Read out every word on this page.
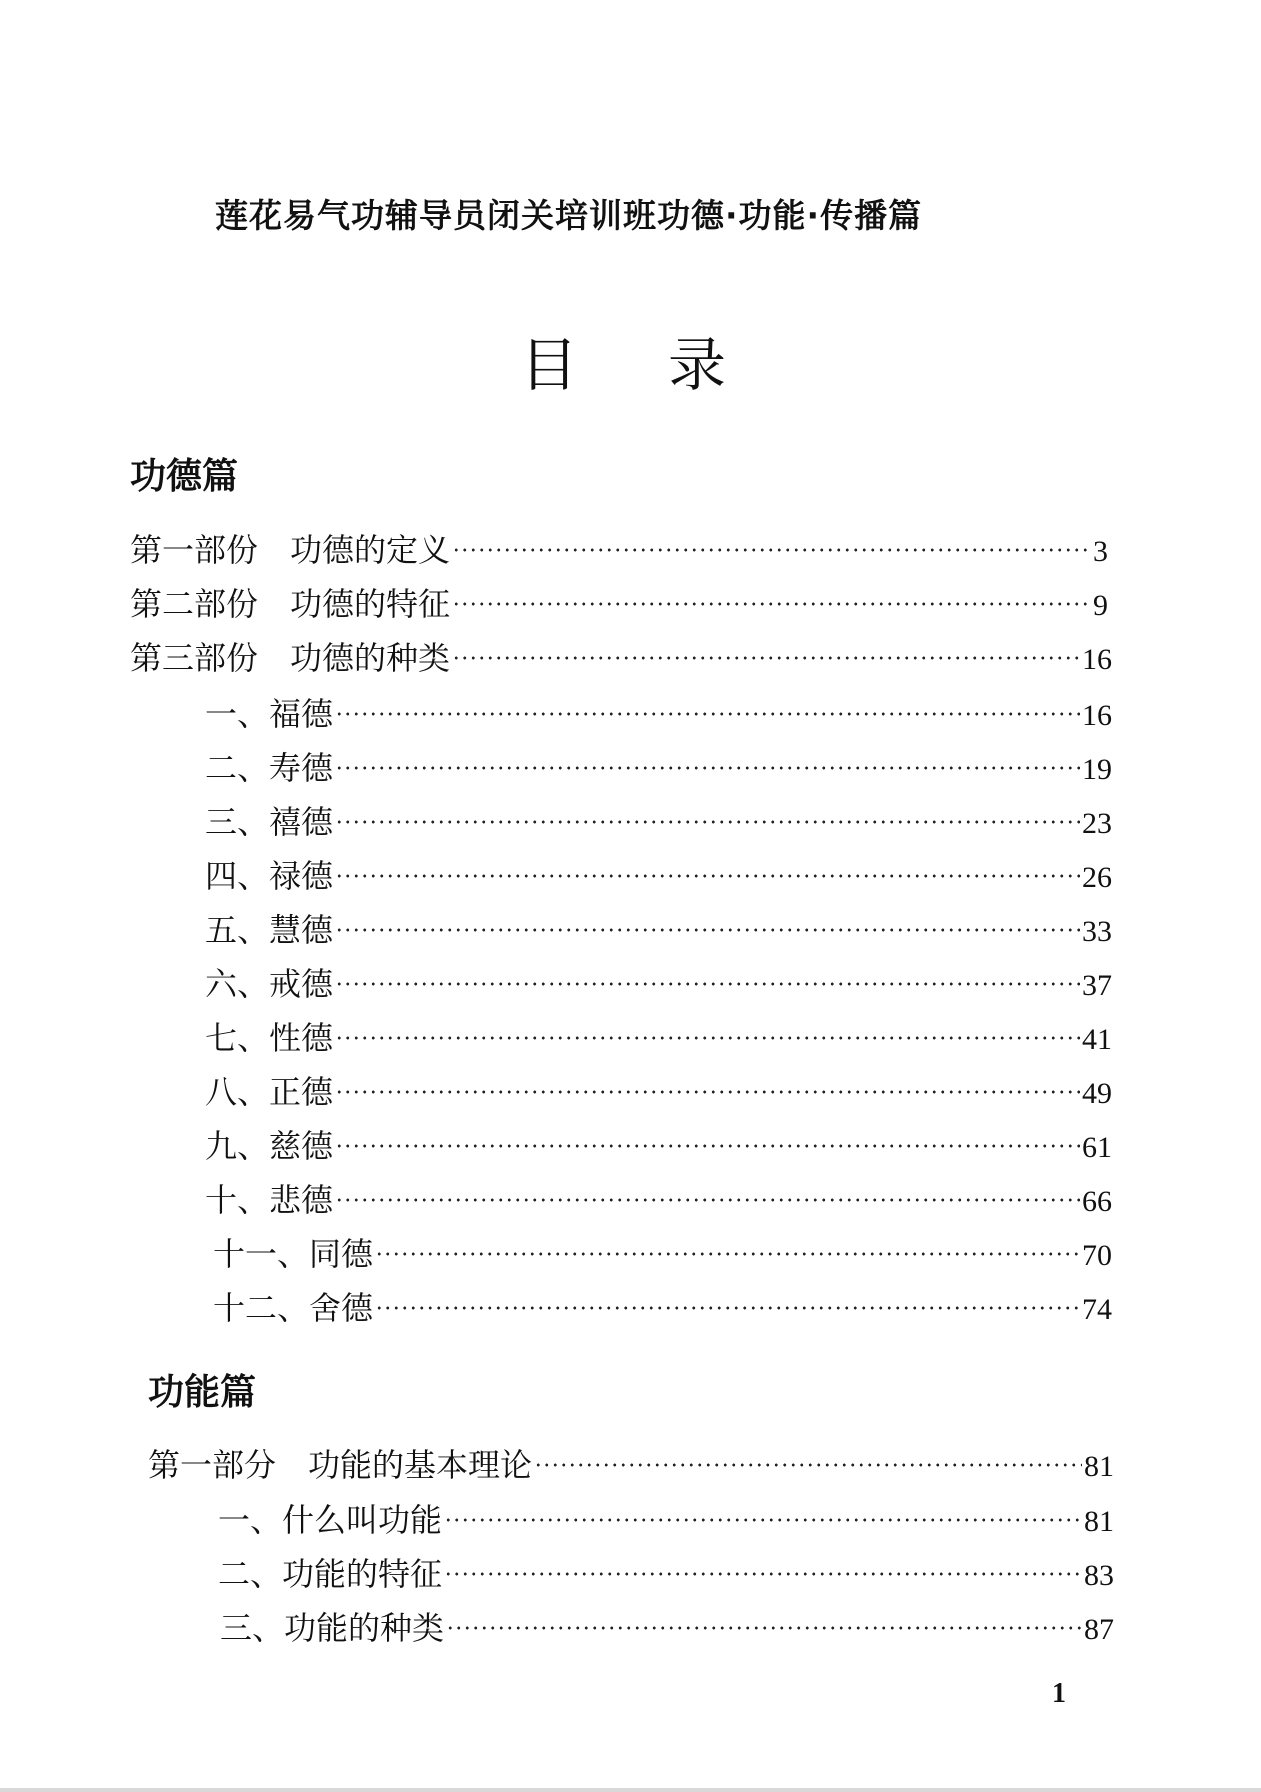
莲花易气功辅导员闭关培训班功德·功能·传播篇
目录
功德篇
第一部份　功德的定义	3
第二部份　功德的特征	9
第三部份　功德的种类	16
一、福德	16
二、寿德	19
三、禧德	23
四、禄德	26
五、慧德	33
六、戒德	37
七、性德	41
八、正德	49
九、慈德	61
十、悲德	66
十一、同德	70
十二、舍德	74
功能篇
第一部分　功能的基本理论	81
一、什么叫功能	81
二、功能的特征	83
三、功能的种类	87
1
